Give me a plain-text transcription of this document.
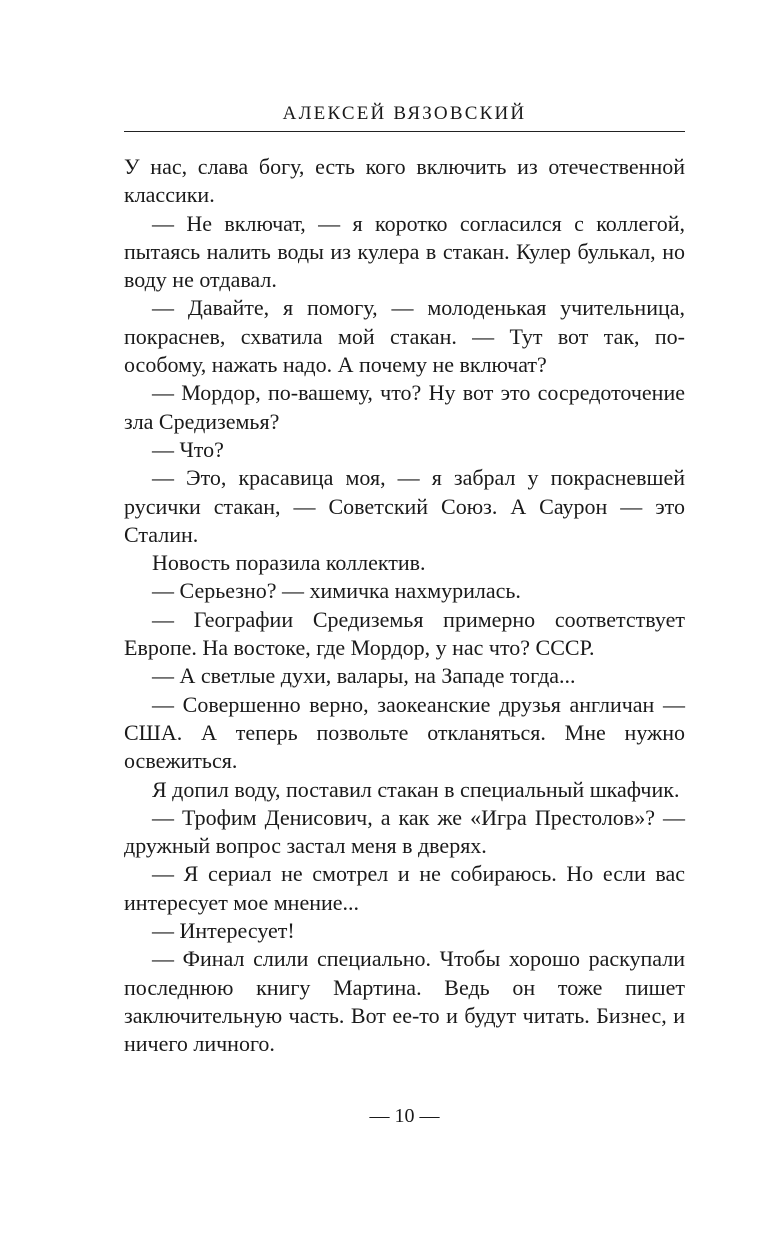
АЛЕКСЕЙ ВЯЗОВСКИЙ

У нас, слава богу, есть кого включить из отечественной классики.

— Не включат, — я коротко согласился с коллегой, пытаясь налить воды из кулера в стакан. Кулер булькал, но воду не отдавал.

— Давайте, я помогу, — молоденькая учительница, покраснев, схватила мой стакан. — Тут вот так, по-особому, нажать надо. А почему не включат?

— Мордор, по-вашему, что? Ну вот это сосредоточение зла Средиземья?

— Что?

— Это, красавица моя, — я забрал у покрасневшей русички стакан, — Советский Союз. А Саурон — это Сталин.

Новость поразила коллектив.

— Серьезно? — химичка нахмурилась.

— Географии Средиземья примерно соответствует Европе. На востоке, где Мордор, у нас что? СССР.

— А светлые духи, валары, на Западе тогда...

— Совершенно верно, заокеанские друзья англичан — США. А теперь позвольте откланяться. Мне нужно освежиться.

Я допил воду, поставил стакан в специальный шкафчик.

— Трофим Денисович, а как же «Игра Престолов»? — дружный вопрос застал меня в дверях.

— Я сериал не смотрел и не собираюсь. Но если вас интересует мое мнение...

— Интересует!

— Финал слили специально. Чтобы хорошо раскупали последнюю книгу Мартина. Ведь он тоже пишет заключительную часть. Вот ее-то и будут читать. Бизнес, и ничего личного.

— 10 —
